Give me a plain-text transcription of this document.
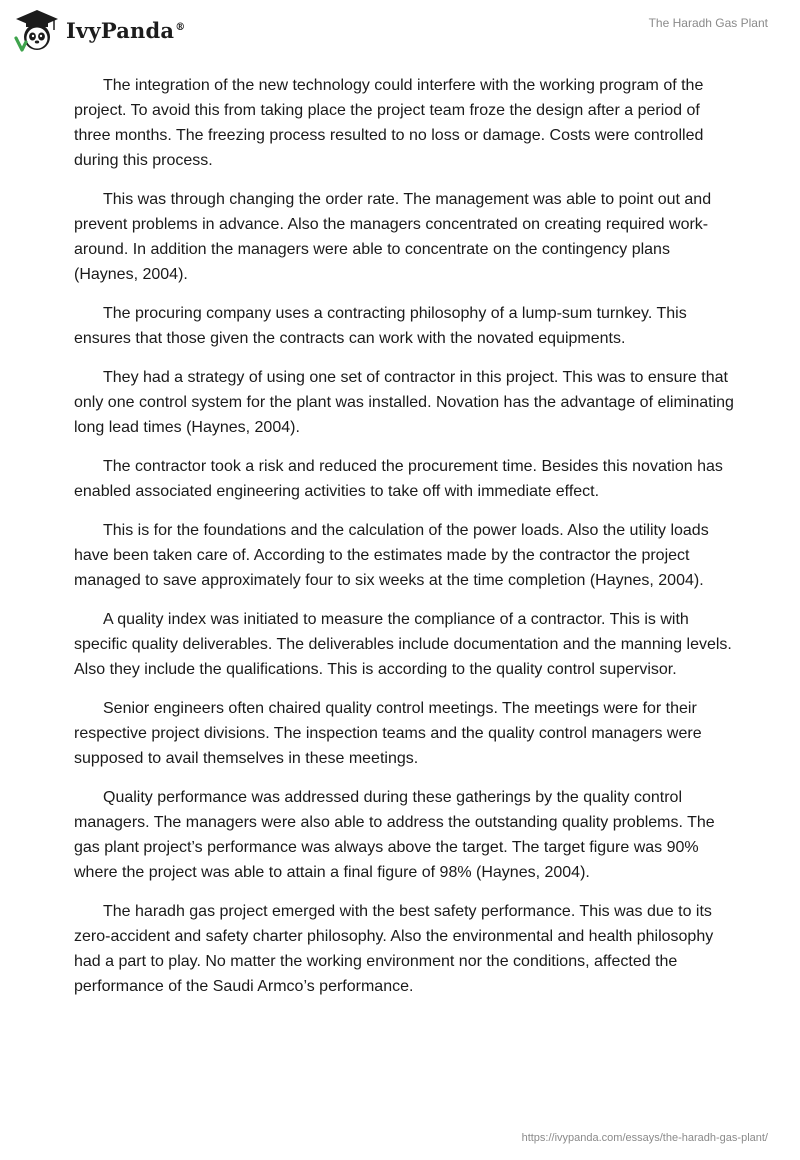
IvyPanda®	The Haradh Gas Plant

The integration of the new technology could interfere with the working program of the project. To avoid this from taking place the project team froze the design after a period of three months. The freezing process resulted to no loss or damage. Costs were controlled during this process.

This was through changing the order rate. The management was able to point out and prevent problems in advance. Also the managers concentrated on creating required work-around. In addition the managers were able to concentrate on the contingency plans (Haynes, 2004).

The procuring company uses a contracting philosophy of a lump-sum turnkey. This ensures that those given the contracts can work with the novated equipments.

They had a strategy of using one set of contractor in this project. This was to ensure that only one control system for the plant was installed. Novation has the advantage of eliminating long lead times (Haynes, 2004).

The contractor took a risk and reduced the procurement time. Besides this novation has enabled associated engineering activities to take off with immediate effect.

This is for the foundations and the calculation of the power loads. Also the utility loads have been taken care of. According to the estimates made by the contractor the project managed to save approximately four to six weeks at the time completion (Haynes, 2004).

A quality index was initiated to measure the compliance of a contractor. This is with specific quality deliverables. The deliverables include documentation and the manning levels. Also they include the qualifications. This is according to the quality control supervisor.

Senior engineers often chaired quality control meetings. The meetings were for their respective project divisions. The inspection teams and the quality control managers were supposed to avail themselves in these meetings.

Quality performance was addressed during these gatherings by the quality control managers. The managers were also able to address the outstanding quality problems. The gas plant project’s performance was always above the target. The target figure was 90% where the project was able to attain a final figure of 98% (Haynes, 2004).

The haradh gas project emerged with the best safety performance. This was due to its zero-accident and safety charter philosophy. Also the environmental and health philosophy had a part to play. No matter the working environment nor the conditions, affected the performance of the Saudi Armco’s performance.

https://ivypanda.com/essays/the-haradh-gas-plant/
